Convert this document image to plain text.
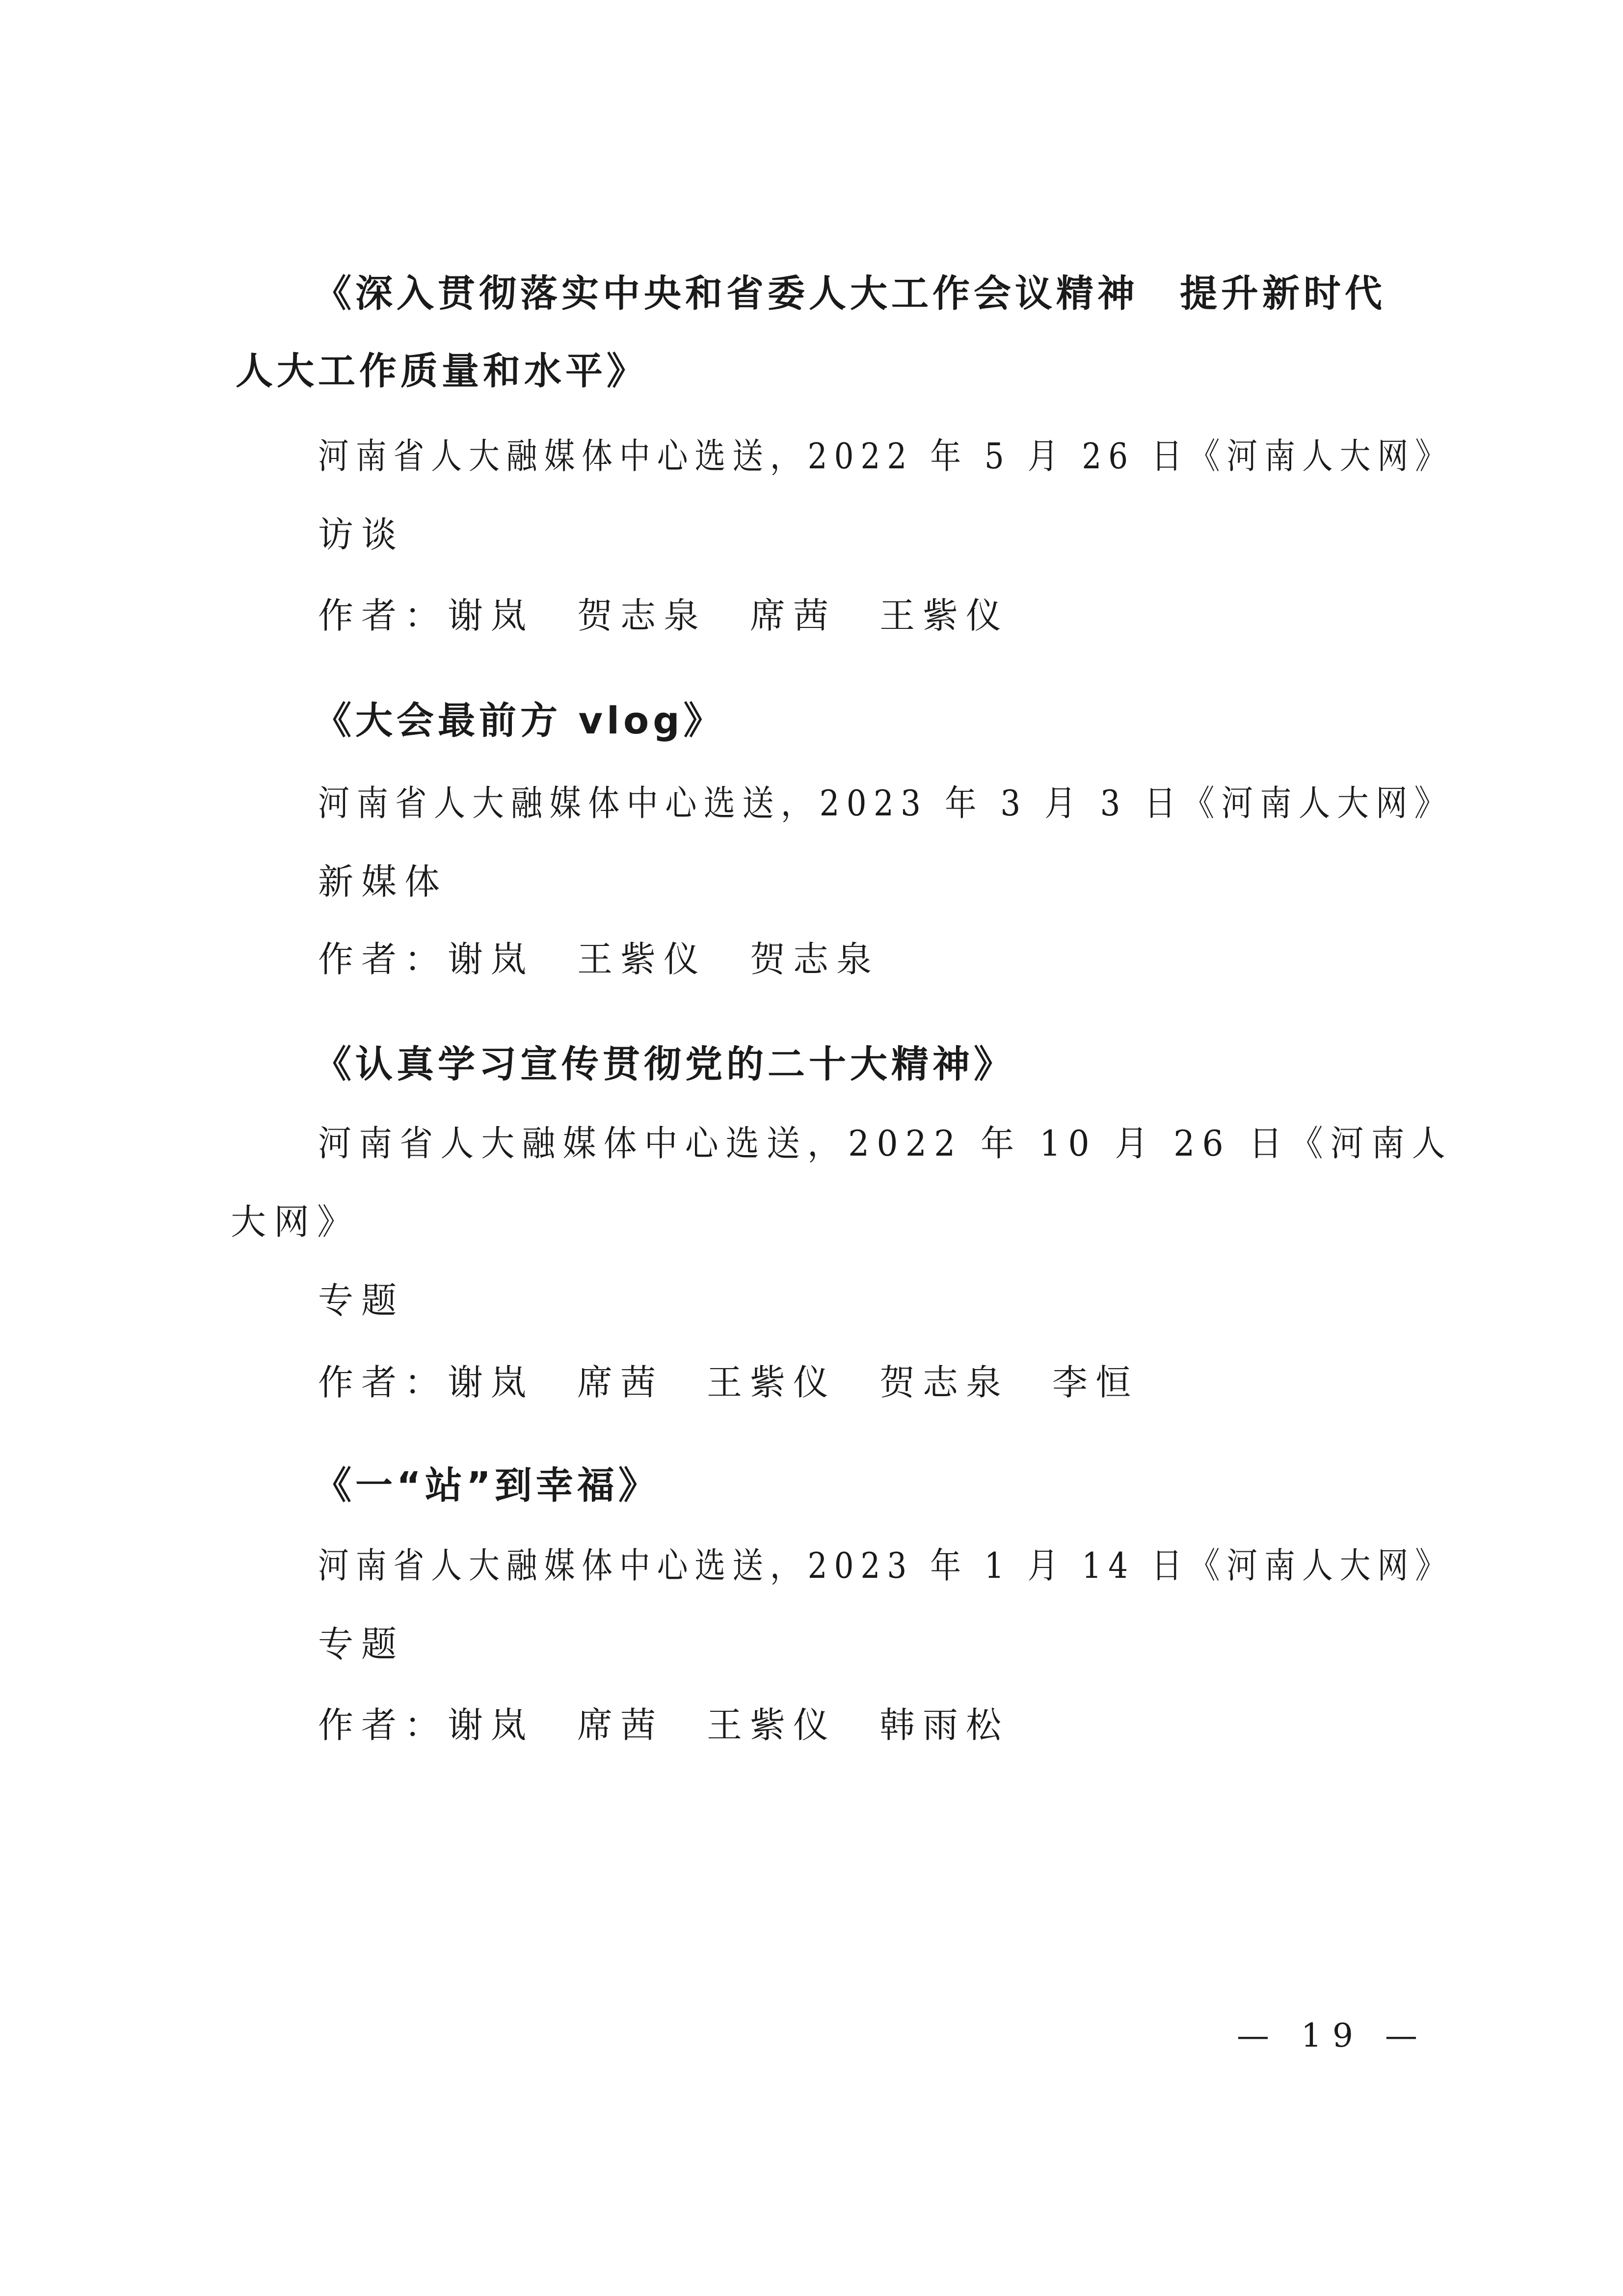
《深入贯彻落实中央和省委人大工作会议精神　提升新时代
人大工作质量和水平》
河南省人大融媒体中心选送，2022 年 5 月 26 日《河南人大网》
访谈
作者：谢岚　贺志泉　席茜　王紫仪
《大会最前方 vlog》
河南省人大融媒体中心选送，2023 年 3 月 3 日《河南人大网》
新媒体
作者：谢岚　王紫仪　贺志泉
《认真学习宣传贯彻党的二十大精神》
河南省人大融媒体中心选送，2022 年 10 月 26 日《河南人
大网》
专题
作者：谢岚　席茜　王紫仪　贺志泉　李恒
《一“站”到幸福》
河南省人大融媒体中心选送，2023 年 1 月 14 日《河南人大网》
专题
作者：谢岚　席茜　王紫仪　韩雨松
— 19 —
